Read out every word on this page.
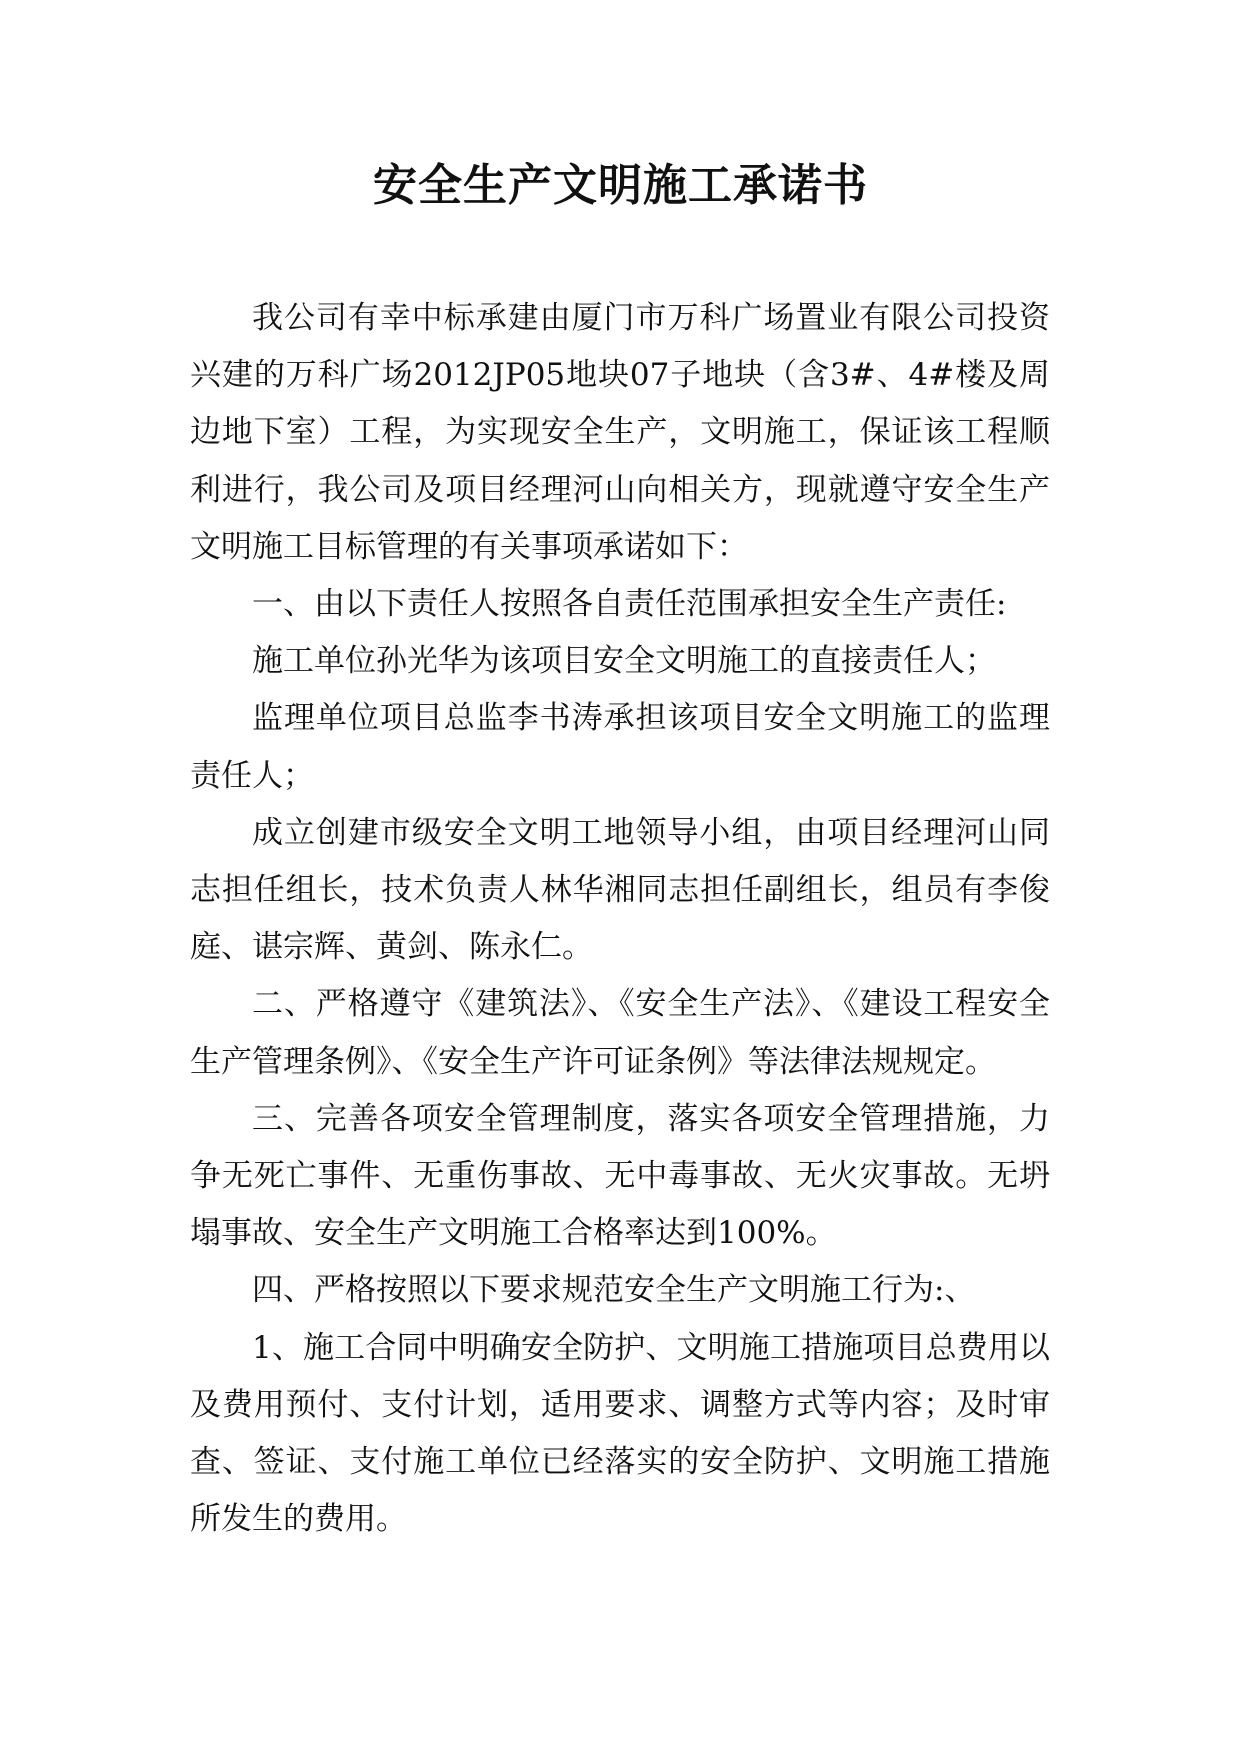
安全生产文明施工承诺书

我公司有幸中标承建由厦门市万科广场置业有限公司投资兴建的万科广场2012JP05地块07子地块（含3#、4#楼及周边地下室）工程，为实现安全生产，文明施工，保证该工程顺利进行，我公司及项目经理河山向相关方，现就遵守安全生产文明施工目标管理的有关事项承诺如下：

一、由以下责任人按照各自责任范围承担安全生产责任:

施工单位孙光华为该项目安全文明施工的直接责任人；

监理单位项目总监李书涛承担该项目安全文明施工的监理责任人；

成立创建市级安全文明工地领导小组，由项目经理河山同志担任组长，技术负责人林华湘同志担任副组长，组员有李俊庭、谌宗辉、黄剑、陈永仁。

二、严格遵守《建筑法》、《安全生产法》、《建设工程安全生产管理条例》、《安全生产许可证条例》等法律法规规定。

三、完善各项安全管理制度，落实各项安全管理措施，力争无死亡事件、无重伤事故、无中毒事故、无火灾事故。无坍塌事故、安全生产文明施工合格率达到100%。

四、严格按照以下要求规范安全生产文明施工行为:、

1、施工合同中明确安全防护、文明施工措施项目总费用以及费用预付、支付计划，适用要求、调整方式等内容；及时审查、签证、支付施工单位已经落实的安全防护、文明施工措施所发生的费用。
